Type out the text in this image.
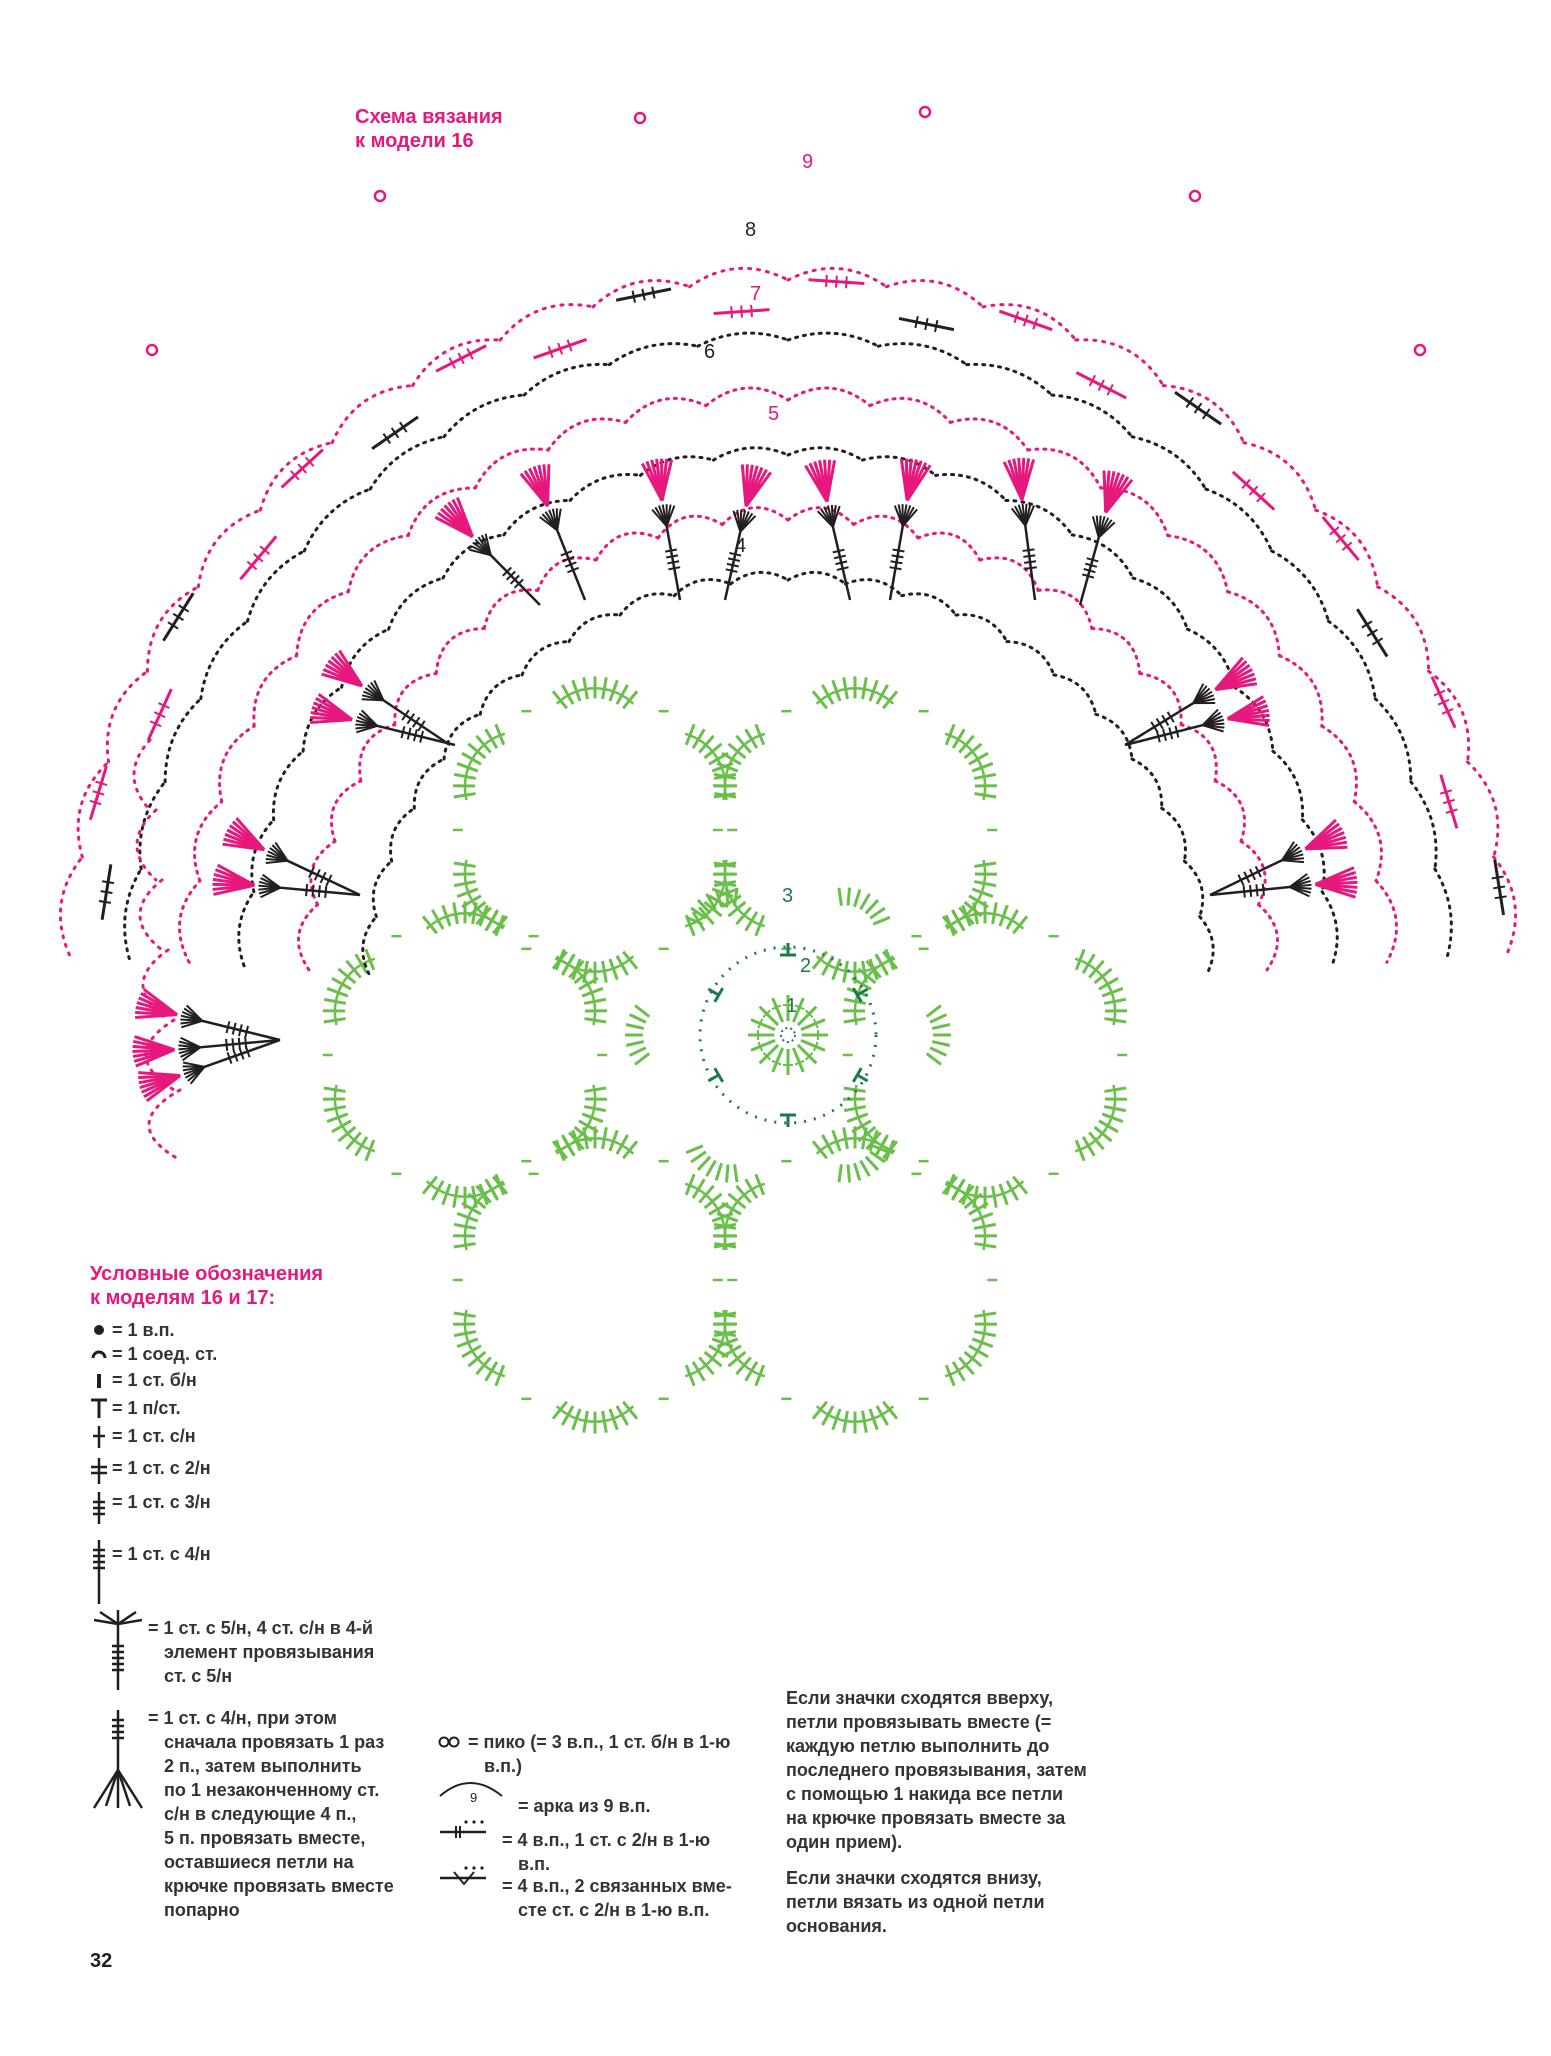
Схема вязания
к модели 16
1
2
3
4
5
6
7
8
9
Условные обозначения
к моделям 16 и 17:
= 1 в.п.
= 1 соед. ст.
= 1 ст. б/н
= 1 п/ст.
= 1 ст. с/н
= 1 ст. с 2/н
= 1 ст. с 3/н
= 1 ст. с 4/н
= 1 ст. с 5/н, 4 ст. с/н в 4-й
элемент провязывания
ст. с 5/н
= 1 ст. с 4/н, при этом
сначала провязать 1 раз
2 п., затем выполнить
по 1 незаконченному ст.
с/н в следующие 4 п.,
5 п. провязать вместе,
оставшиеся петли на
крючке провязать вместе
попарно
9
= пико (= 3 в.п., 1 ст. б/н в 1-ю
в.п.)
= арка из 9 в.п.
= 4 в.п., 1 ст. с 2/н в 1-ю
в.п.
= 4 в.п., 2 связанных вме-
сте ст. с 2/н в 1-ю в.п.
Если значки сходятся вверху,
петли провязывать вместе (=
каждую петлю выполнить до
последнего провязывания, затем
с помощью 1 накида все петли
на крючке провязать вместе за
один прием).
Если значки сходятся внизу,
петли вязать из одной петли
основания.
32
